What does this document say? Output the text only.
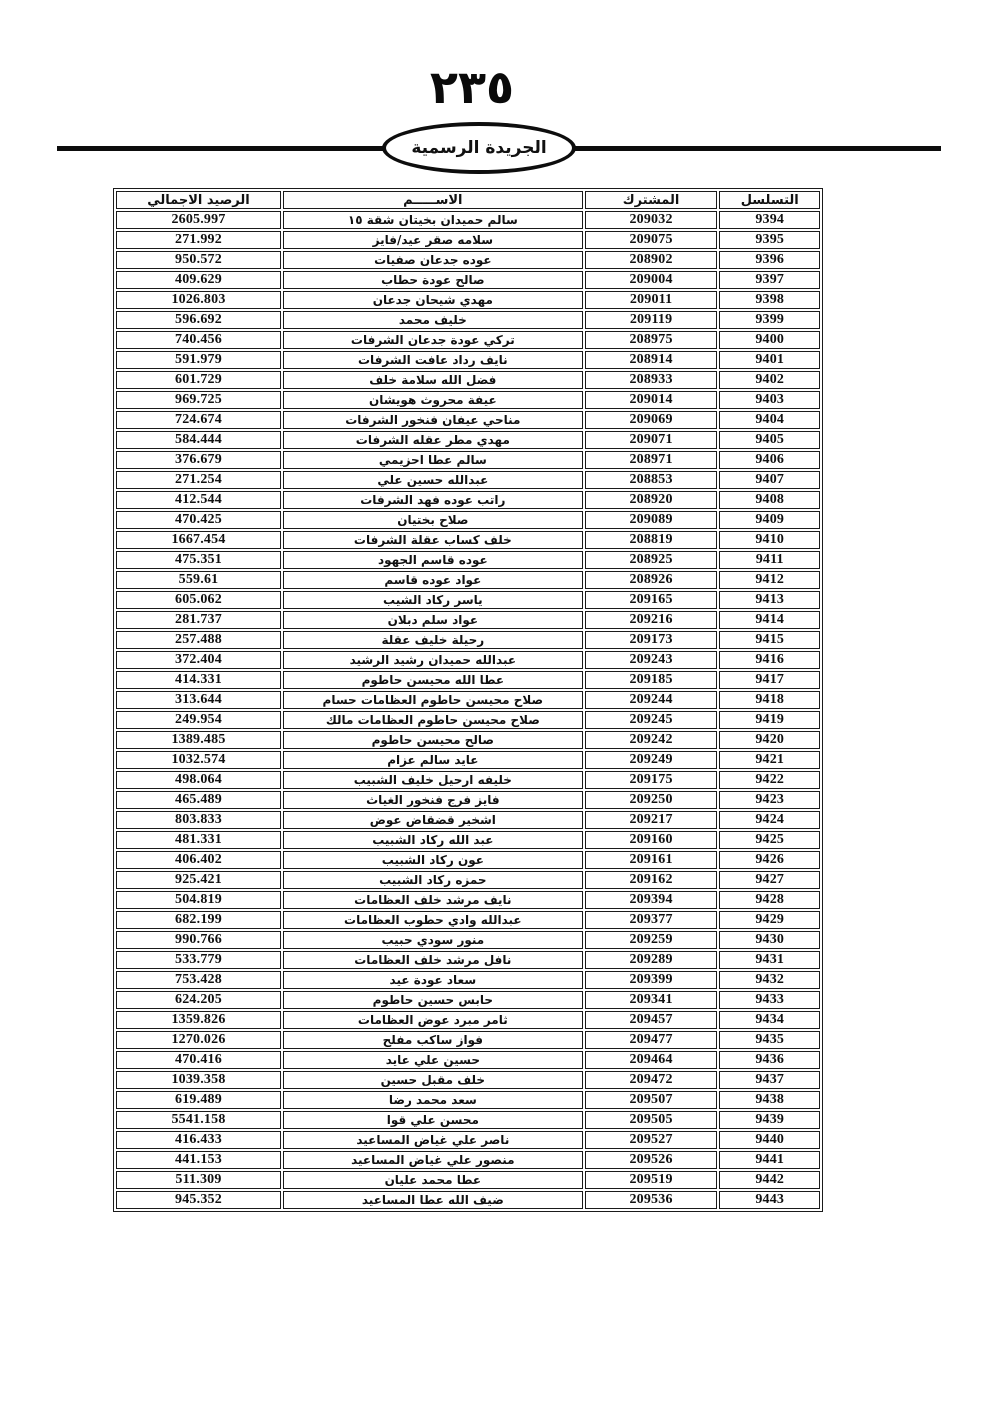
٢٣٥
الجريدة الرسمية
التسلسل	المشترك	الاســـــم	الرصيد الاجمالي
9394	209032	سالم حميدان بخيتان شقة ١٥	2605.997
9395	209075	سلامه صقر عيد/فايز	271.992
9396	208902	عوده جدعان صفيات	950.572
9397	209004	صالح عودة حطاب	409.629
9398	209011	مهدي شيحان جدعان	1026.803
9399	209119	خليف محمد	596.692
9400	208975	تركي عودة جدعان الشرفات	740.456
9401	208914	نايف رداد عافت الشرفات	591.979
9402	208933	فضل الله سلامة خلف	601.729
9403	209014	عيفة محروث هويشان	969.725
9404	209069	مناحي عيفان فنخور الشرفات	724.674
9405	209071	مهدي مطر عقله الشرفات	584.444
9406	208971	سالم عطا احزيمي	376.679
9407	208853	عبدالله حسين علي	271.254
9408	208920	راتب عوده فهد الشرفات	412.544
9409	209089	صلاح بختيان	470.425
9410	208819	خلف كساب عقلة الشرفات	1667.454
9411	208925	عوده قاسم الجهود	475.351
9412	208926	عواد عوده قاسم	559.61
9413	209165	ياسر ركاد الشيب	605.062
9414	209216	عواد سلم دبلان	281.737
9415	209173	رحيلة خليف عقلة	257.488
9416	209243	عبدالله حميدان رشيد الرشيد	372.404
9417	209185	عطا الله محيسن حاطوم	414.331
9418	209244	صلاح محيسن حاطوم العظامات حسام	313.644
9419	209245	صلاح محيسن حاطوم العظامات مالك	249.954
9420	209242	صالح محيسن حاطوم	1389.485
9421	209249	عايد سالم عزام	1032.574
9422	209175	خليفه ارحيل خليف الشبيب	498.064
9423	209250	فايز فرج فنخور الغياث	465.489
9424	209217	اشخير قضقاض عوض	803.833
9425	209160	عبد الله ركاد الشبيب	481.331
9426	209161	عون ركاد الشبيب	406.402
9427	209162	حمزه ركاد الشبيب	925.421
9428	209394	نايف مرشد خلف العظامات	504.819
9429	209377	عبدالله وادي حطوب العظامات	682.199
9430	209259	منور سودي حبيب	990.766
9431	209289	نافل مرشد خلف العظامات	533.779
9432	209399	سعاد عودة عيد	753.428
9433	209341	حابس حسين حاطوم	624.205
9434	209457	ثامر مبرد عوض العظامات	1359.826
9435	209477	فواز ساكب مفلح	1270.026
9436	209464	حسين علي عايد	470.416
9437	209472	خلف مقبل حسين	1039.358
9438	209507	سعد محمد رضا	619.489
9439	209505	محسن علي قوا	5541.158
9440	209527	ناصر علي غياض المساعيد	416.433
9441	209526	منصور علي غياض المساعيد	441.153
9442	209519	عطا محمد عليان	511.309
9443	209536	ضيف الله عطا المساعيد	945.352
